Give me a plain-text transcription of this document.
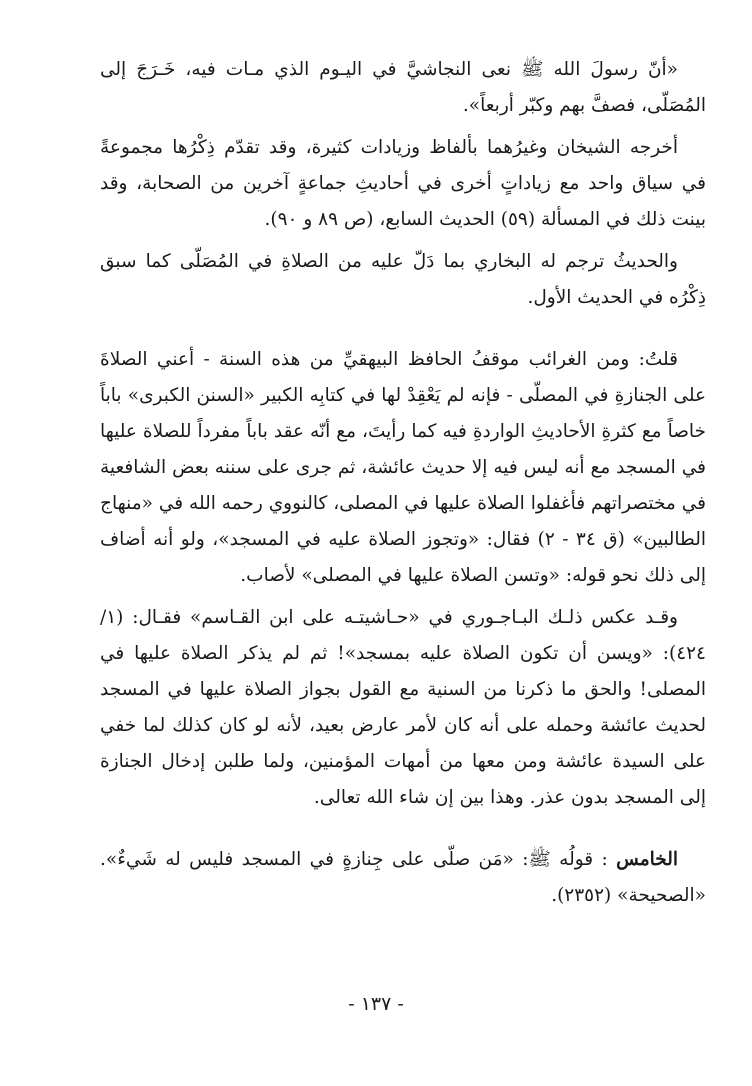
«أنّ رسولَ الله ﷺ نعى النجاشيَّ في اليـوم الذي مـات فيه، خَـرَجَ إلى المُصَلّى، فصفَّ بهم وكبّر أربعاً».

أخرجه الشيخان وغيرُهما بألفاظ وزيادات كثيرة، وقد تقدّم ذِكْرُها مجموعةً في سياق واحد مع زياداتٍ أخرى في أحاديثِ جماعةٍ آخرين من الصحابة، وقد بينت ذلك في المسألة (٥٩) الحديث السابع، (ص ٨٩ و ٩٠).

والحديثُ ترجم له البخاري بما دَلّ عليه من الصلاةِ في المُصَلّى كما سبق ذِكْرُه في الحديث الأول.

قلتُ: ومن الغرائب موقفُ الحافظ البيهقيِّ من هذه السنة - أعني الصلاةَ على الجنازةِ في المصلّى - فإنه لم يَعْقِدْ لها في كتابِه الكبير «السنن الكبرى» باباً خاصاً مع كثرةِ الأحاديثِ الواردةِ فيه كما رأيتَ، مع أنّه عقد باباً مفرداً للصلاة عليها في المسجد مع أنه ليس فيه إلا حديث عائشة، ثم جرى على سننه بعض الشافعية في مختصراتهم فأغفلوا الصلاة عليها في المصلى، كالنووي رحمه الله في «منهاج الطالبين» (ق ٣٤ - ٢) فقال: «وتجوز الصلاة عليه في المسجد»، ولو أنه أضاف إلى ذلك نحو قوله: «وتسن الصلاة عليها في المصلى» لأصاب.

وقـد عكس ذلـك البـاجـوري في «حـاشيتـه على ابن القـاسم» فقـال: (١/ ٤٢٤): «ويسن أن تكون الصلاة عليه بمسجد»! ثم لم يذكر الصلاة عليها في المصلى! والحق ما ذكرنا من السنية مع القول بجواز الصلاة عليها في المسجد لحديث عائشة وحمله على أنه كان لأمر عارض بعيد، لأنه لو كان كذلك لما خفي على السيدة عائشة ومن معها من أمهات المؤمنين، ولما طلبن إدخال الجنازة إلى المسجد بدون عذر. وهذا بين إن شاء الله تعالى.

الخامس : قولُه ﷺ: «مَن صلّى على جِنازةٍ في المسجد فليس له شَيءٌ». «الصحيحة» (٢٣٥٢).

- ١٣٧ -
